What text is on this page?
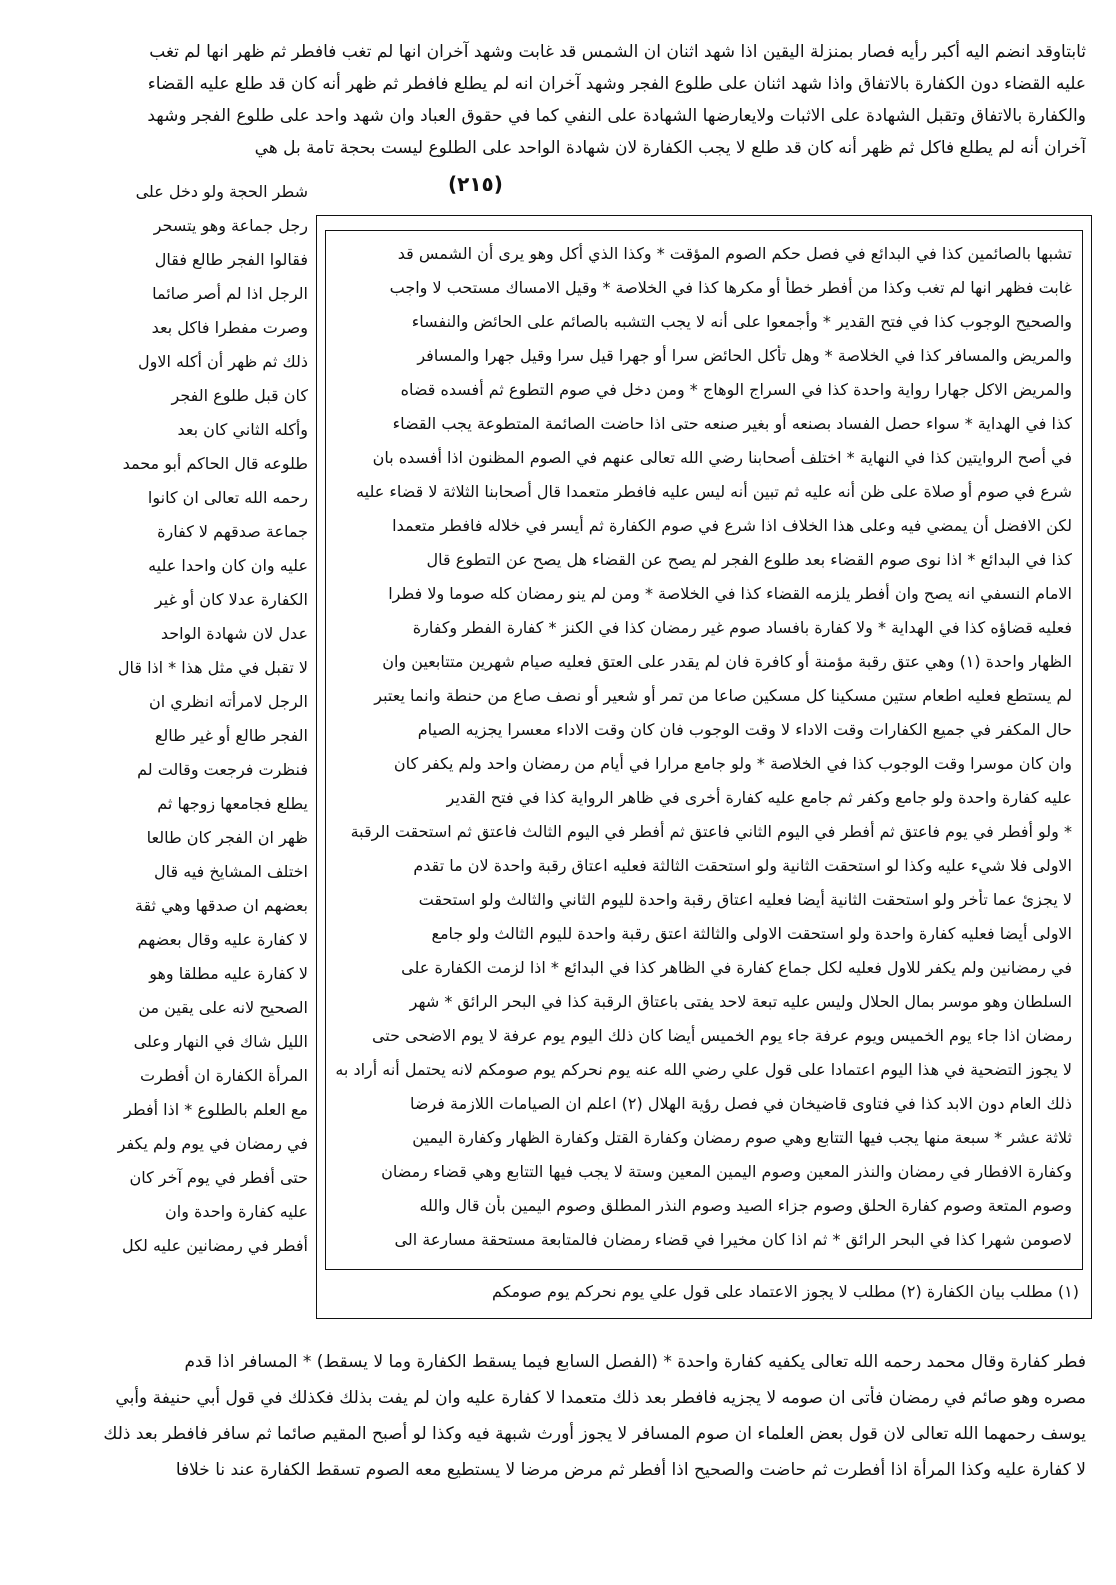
ثابتاوقد انضم اليه أكبر رأيه فصار بمنزلة اليقين اذا شهد اثنان ان الشمس قد غابت وشهد آخران انها لم تغب فافطر ثم ظهر انها لم تغب
عليه القضاء دون الكفارة بالاتفاق واذا شهد اثنان على طلوع الفجر وشهد آخران انه لم يطلع فافطر ثم ظهر أنه كان قد طلع عليه القضاء
والكفارة بالاتفاق وتقبل الشهادة على الاثبات ولايعارضها الشهادة على النفي كما في حقوق العباد وان شهد واحد على طلوع الفجر وشهد
آخران أنه لم يطلع فاكل ثم ظهر أنه كان قد طلع لا يجب الكفارة لان شهادة الواحد على الطلوع ليست بحجة تامة بل هي
(٢١٥)
تشبها بالصائمين كذا في البدائع في فصل حكم الصوم المؤقت * وكذا الذي أكل وهو يرى أن الشمس قد
غابت فظهر انها لم تغب وكذا من أفطر خطأ أو مكرها كذا في الخلاصة * وقيل الامساك مستحب لا واجب
والصحيح الوجوب كذا في فتح القدير * وأجمعوا على أنه لا يجب التشبه بالصائم على الحائض والنفساء
والمريض والمسافر كذا في الخلاصة * وهل تأكل الحائض سرا أو جهرا قيل سرا وقيل جهرا والمسافر
والمريض الاكل جهارا رواية واحدة كذا في السراج الوهاج * ومن دخل في صوم التطوع ثم أفسده قضاه
كذا في الهداية * سواء حصل الفساد بصنعه أو بغير صنعه حتى اذا حاضت الصائمة المتطوعة يجب القضاء
في أصح الروايتين كذا في النهاية * اختلف أصحابنا رضي الله تعالى عنهم في الصوم المظنون اذا أفسده بان
شرع في صوم أو صلاة على ظن أنه عليه ثم تبين أنه ليس عليه فافطر متعمدا قال أصحابنا الثلاثة لا قضاء عليه
لكن الافضل أن يمضي فيه وعلى هذا الخلاف اذا شرع في صوم الكفارة ثم أيسر في خلاله فافطر متعمدا
كذا في البدائع * اذا نوى صوم القضاء بعد طلوع الفجر لم يصح عن القضاء هل يصح عن التطوع قال
الامام النسفي انه يصح وان أفطر يلزمه القضاء كذا في الخلاصة * ومن لم ينو رمضان كله صوما ولا فطرا
فعليه قضاؤه كذا في الهداية * ولا كفارة بافساد صوم غير رمضان كذا في الكنز * كفارة الفطر وكفارة
الظهار واحدة (١) وهي عتق رقبة مؤمنة أو كافرة فان لم يقدر على العتق فعليه صيام شهرين متتابعين وان
لم يستطع فعليه اطعام ستين مسكينا كل مسكين صاعا من تمر أو شعير أو نصف صاع من حنطة وانما يعتبر
حال المكفر في جميع الكفارات وقت الاداء لا وقت الوجوب فان كان وقت الاداء معسرا يجزيه الصيام
وان كان موسرا وقت الوجوب كذا في الخلاصة * ولو جامع مرارا في أيام من رمضان واحد ولم يكفر كان
عليه كفارة واحدة ولو جامع وكفر ثم جامع عليه كفارة أخرى في ظاهر الرواية كذا في فتح القدير
* ولو أفطر في يوم فاعتق ثم أفطر في اليوم الثاني فاعتق ثم أفطر في اليوم الثالث فاعتق ثم استحقت الرقبة
الاولى فلا شيء عليه وكذا لو استحقت الثانية ولو استحقت الثالثة فعليه اعتاق رقبة واحدة لان ما تقدم
لا يجزئ عما تأخر ولو استحقت الثانية أيضا فعليه اعتاق رقبة واحدة لليوم الثاني والثالث ولو استحقت
الاولى أيضا فعليه كفارة واحدة ولو استحقت الاولى والثالثة اعتق رقبة واحدة لليوم الثالث ولو جامع
في رمضانين ولم يكفر للاول فعليه لكل جماع كفارة في الظاهر كذا في البدائع * اذا لزمت الكفارة على
السلطان وهو موسر بمال الحلال وليس عليه تبعة لاحد يفتى باعتاق الرقبة كذا في البحر الرائق * شهر
رمضان اذا جاء يوم الخميس ويوم عرفة جاء يوم الخميس أيضا كان ذلك اليوم يوم عرفة لا يوم الاضحى حتى
لا يجوز التضحية في هذا اليوم اعتمادا على قول علي رضي الله عنه يوم نحركم يوم صومكم لانه يحتمل أنه أراد به
ذلك العام دون الابد كذا في فتاوى قاضيخان في فصل رؤية الهلال (٢) اعلم ان الصيامات اللازمة فرضا
ثلاثة عشر * سبعة منها يجب فيها التتابع وهي صوم رمضان وكفارة القتل وكفارة الظهار وكفارة اليمين
وكفارة الافطار في رمضان والنذر المعين وصوم اليمين المعين وستة لا يجب فيها التتابع وهي قضاء رمضان
وصوم المتعة وصوم كفارة الحلق وصوم جزاء الصيد وصوم النذر المطلق وصوم اليمين بأن قال والله
لاصومن شهرا كذا في البحر الرائق * ثم اذا كان مخيرا في قضاء رمضان فالمتابعة مستحقة مسارعة الى
(١) مطلب بيان الكفارة (٢) مطلب لا يجوز الاعتماد على قول علي يوم نحركم يوم صومكم
شطر الحجة ولو دخل على
رجل جماعة وهو يتسحر
فقالوا الفجر طالع فقال
الرجل اذا لم أصر صائما
وصرت مفطرا فاكل بعد
ذلك ثم ظهر أن أكله الاول
كان قبل طلوع الفجر
وأكله الثاني كان بعد
طلوعه قال الحاكم أبو محمد
رحمه الله تعالى ان كانوا
جماعة صدقهم لا كفارة
عليه وان كان واحدا عليه
الكفارة عدلا كان أو غير
عدل لان شهادة الواحد
لا تقبل في مثل هذا * اذا قال
الرجل لامرأته انظري ان
الفجر طالع أو غير طالع
فنظرت فرجعت وقالت لم
يطلع فجامعها زوجها ثم
ظهر ان الفجر كان طالعا
اختلف المشايخ فيه قال
بعضهم ان صدقها وهي ثقة
لا كفارة عليه وقال بعضهم
لا كفارة عليه مطلقا وهو
الصحيح لانه على يقين من
الليل شاك في النهار وعلى
المرأة الكفارة ان أفطرت
مع العلم بالطلوع * اذا أفطر
في رمضان في يوم ولم يكفر
حتى أفطر في يوم آخر كان
عليه كفارة واحدة وان
أفطر في رمضانين عليه لكل
فطر كفارة وقال محمد رحمه الله تعالى يكفيه كفارة واحدة * (الفصل السابع فيما يسقط الكفارة وما لا يسقط) * المسافر اذا قدم
مصره وهو صائم في رمضان فأتى ان صومه لا يجزيه فافطر بعد ذلك متعمدا لا كفارة عليه وان لم يفت بذلك فكذلك في قول أبي حنيفة وأبي
يوسف رحمهما الله تعالى لان قول بعض العلماء ان صوم المسافر لا يجوز أورث شبهة فيه وكذا لو أصبح المقيم صائما ثم سافر فافطر بعد ذلك
لا كفارة عليه وكذا المرأة اذا أفطرت ثم حاضت والصحيح اذا أفطر ثم مرض مرضا لا يستطيع معه الصوم تسقط الكفارة عند نا خلافا
